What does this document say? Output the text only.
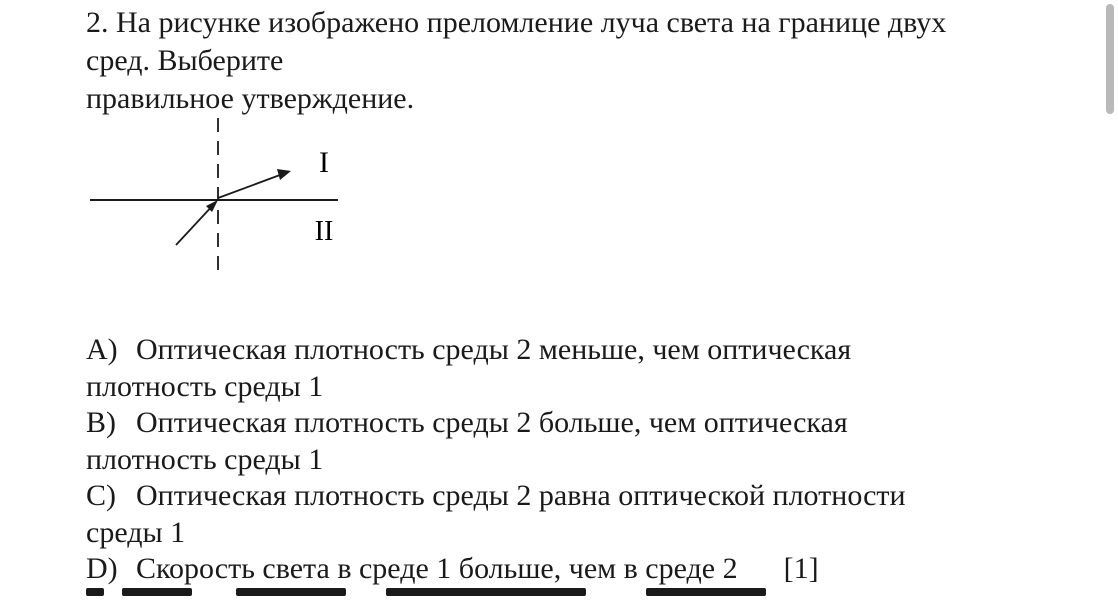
2. На рисунке изображено преломление луча света на границе двух
сред. Выберите
правильное утверждение.
I
II
A) Оптическая плотность среды 2 меньше, чем оптическая
плотность среды 1
B) Оптическая плотность среды 2 больше, чем оптическая
плотность среды 1
C) Оптическая плотность среды 2 равна оптической плотности
среды 1
D) Скорость света в среде 1 больше, чем в среде 2 [1]
